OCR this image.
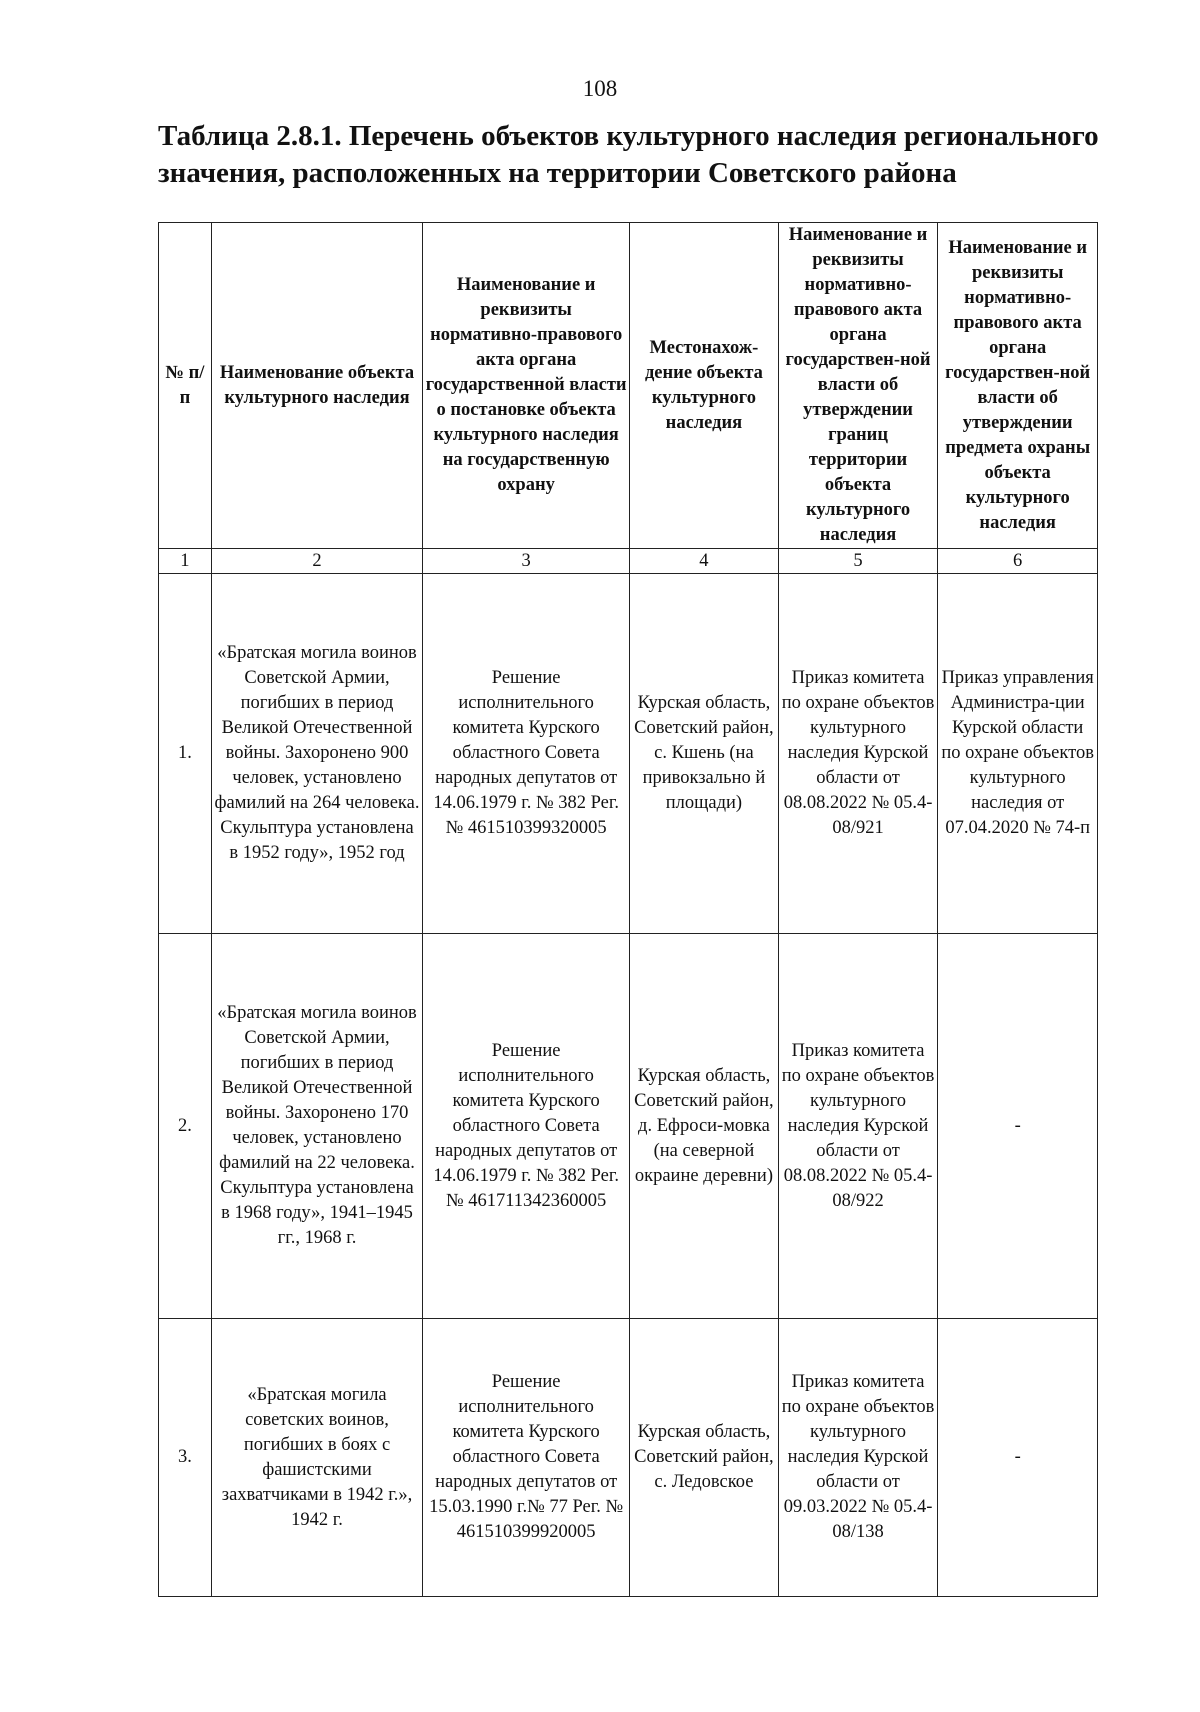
108
Таблица 2.8.1. Перечень объектов культурного наследия регионального значения, расположенных на территории Советского района
№ п/п	Наименование объекта культурного наследия	Наименование и реквизиты нормативно-правового акта органа государственной власти о постановке объекта культурного наследия на государственную охрану	Местонахож-дение объекта культурного наследия	Наименование и реквизиты нормативно-правового акта органа государствен-ной власти об утверждении границ территории объекта культурного наследия	Наименование и реквизиты нормативно-правового акта органа государствен-ной власти об утверждении предмета охраны объекта культурного наследия
1	2	3	4	5	6
1.	«Братская могила воинов Советской Армии, погибших в период Великой Отечественной войны. Захоронено 900 человек, установлено фамилий на 264 человека. Скульптура установлена в 1952 году», 1952 год	Решение исполнительного комитета Курского областного Совета народных депутатов от 14.06.1979 г. № 382 Рег. № 461510399320005	Курская область, Советский район, с. Кшень (на привокзально й площади)	Приказ комитета по охране объектов культурного наследия Курской области от 08.08.2022 № 05.4-08/921	Приказ управления Администра-ции Курской области по охране объектов культурного наследия от 07.04.2020 № 74-п
2.	«Братская могила воинов Советской Армии, погибших в период Великой Отечественной войны. Захоронено 170 человек, установлено фамилий на 22 человека. Скульптура установлена в 1968 году», 1941–1945 гг., 1968 г.	Решение исполнительного комитета Курского областного Совета народных депутатов от 14.06.1979 г. № 382 Рег. № 461711342360005	Курская область, Советский район, д. Ефроси-мовка (на северной окраине деревни)	Приказ комитета по охране объектов культурного наследия Курской области от 08.08.2022 № 05.4-08/922	-
3.	«Братская могила советских воинов, погибших в боях с фашистскими захватчиками в 1942 г.», 1942 г.	Решение исполнительного комитета Курского областного Совета народных депутатов от 15.03.1990 г.№ 77 Рег. № 461510399920005	Курская область, Советский район, с. Ледовское	Приказ комитета по охране объектов культурного наследия Курской области от 09.03.2022 № 05.4-08/138	-
